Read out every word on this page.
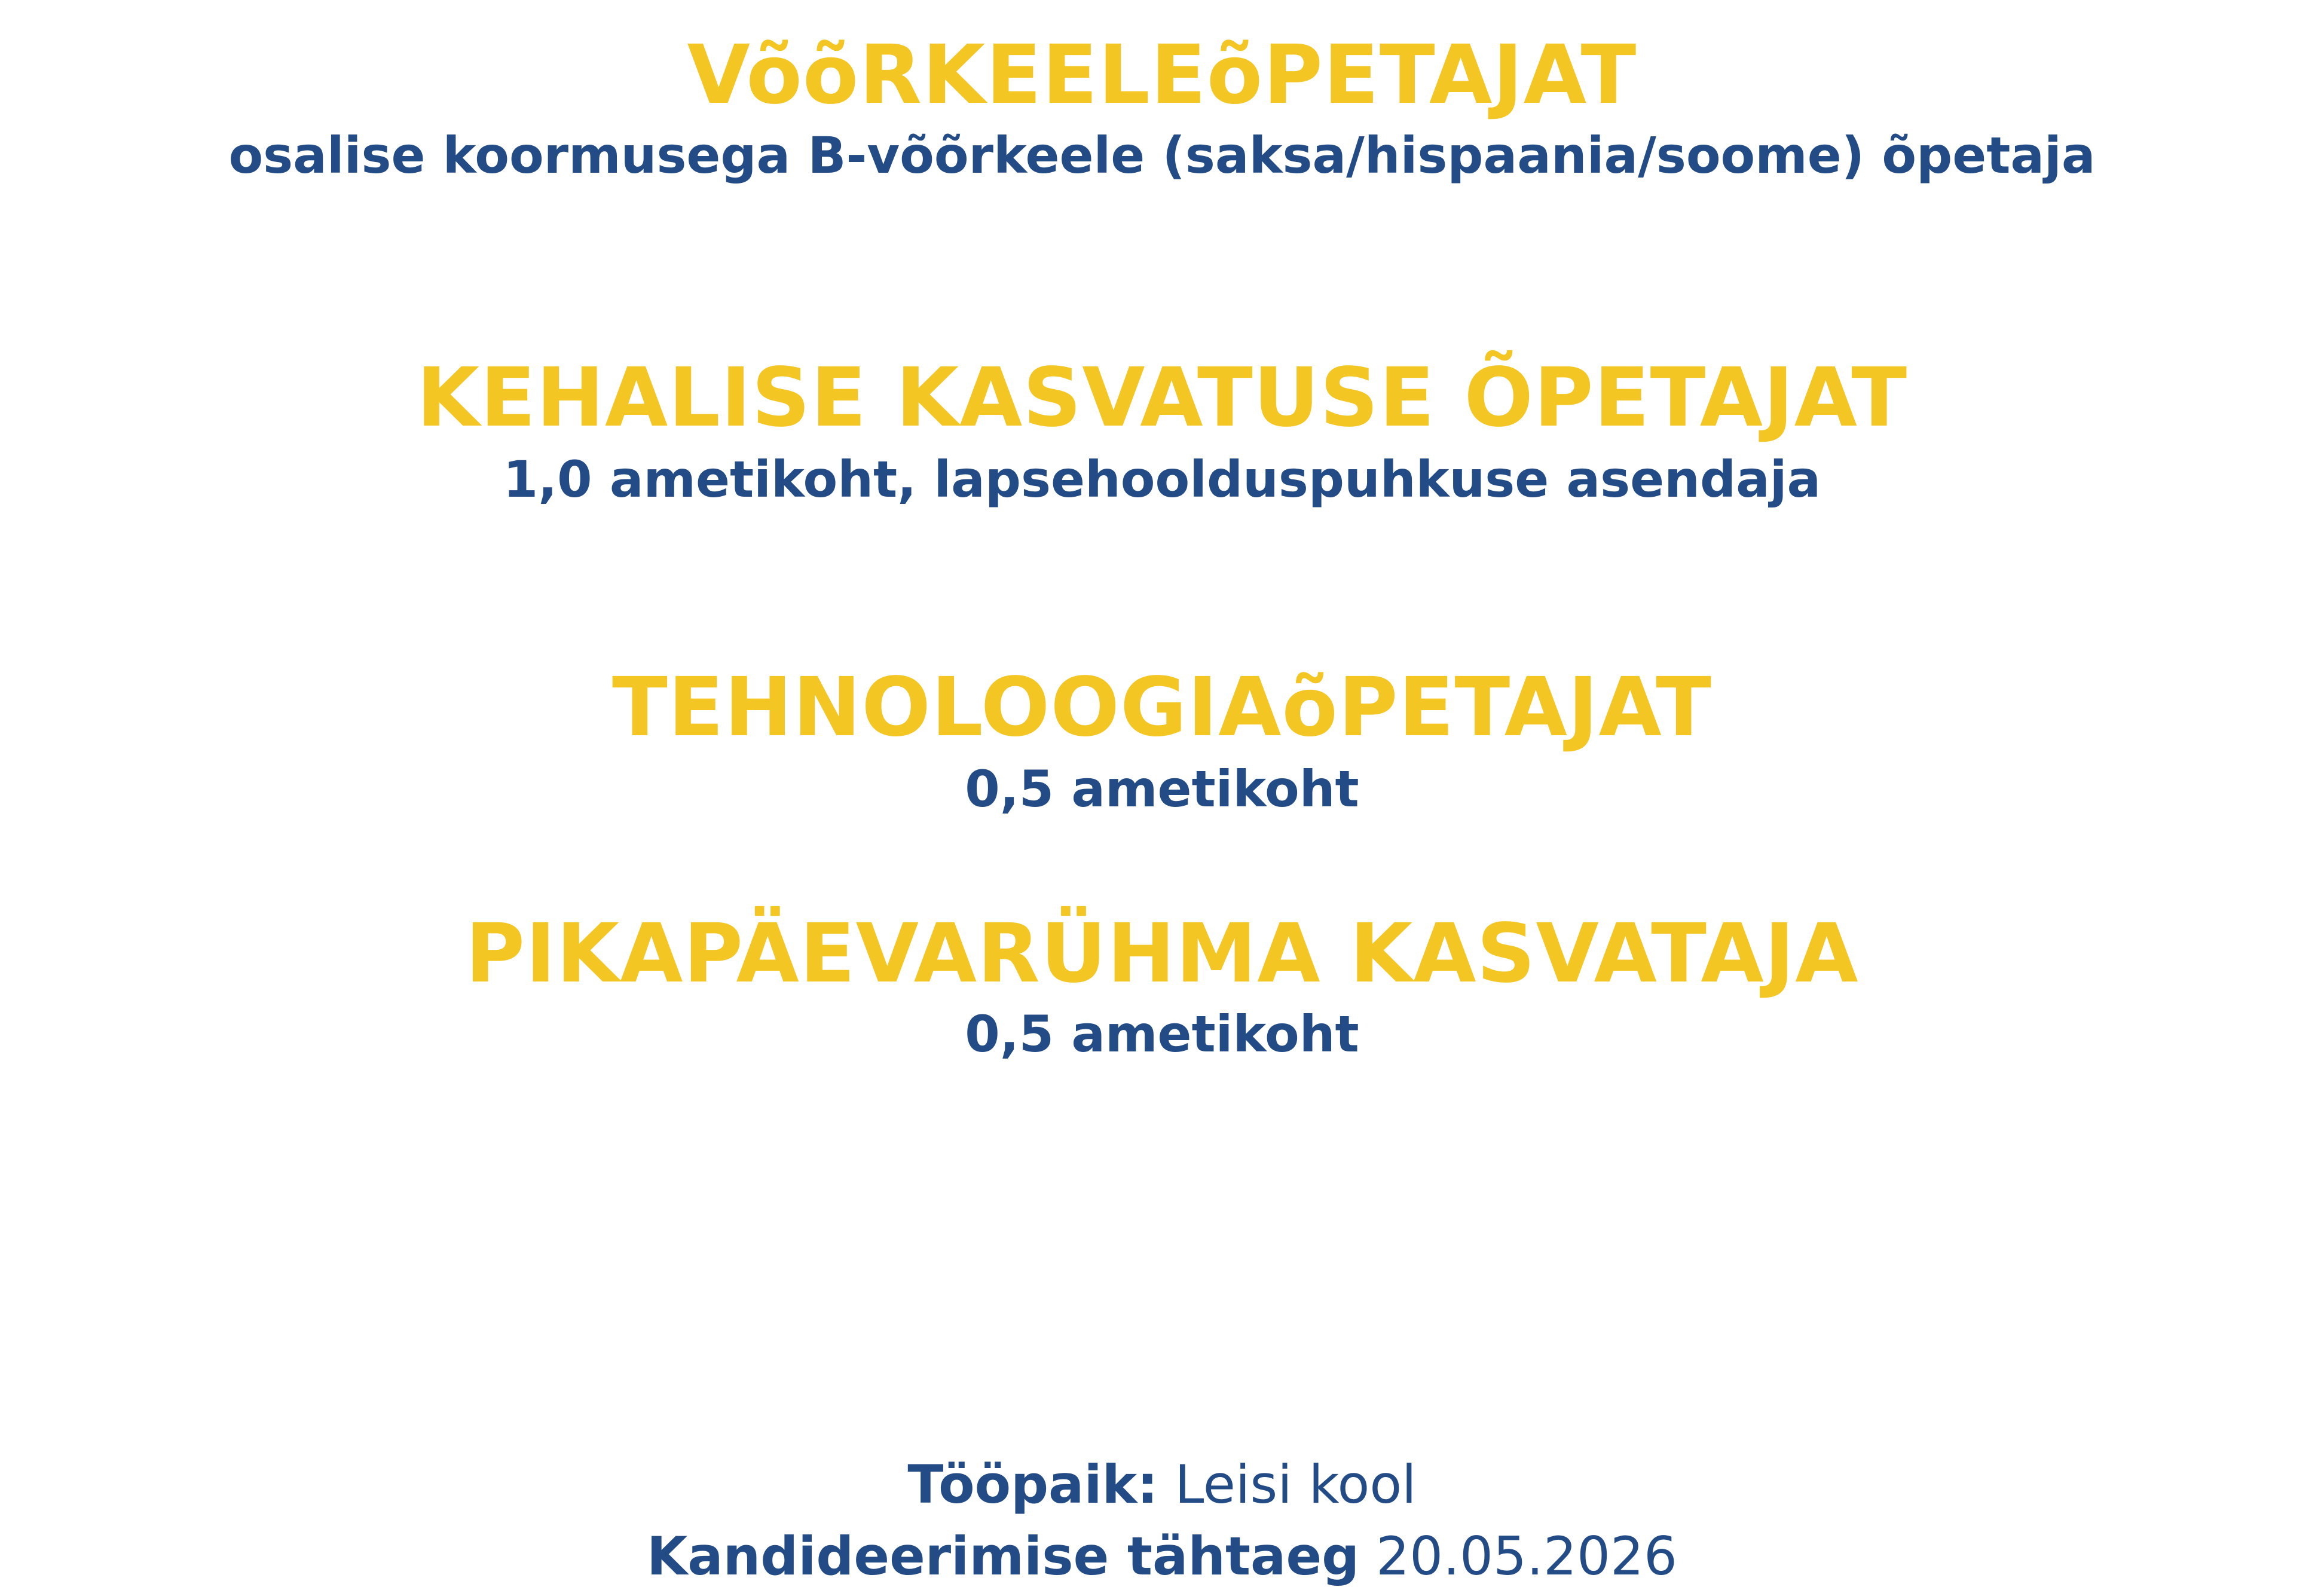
VõõRKEELEõPETAJAT
osalise koormusega B-võõrkeele (saksa/hispaania/soome) õpetaja
KEHALISE KASVATUSE ÕPETAJAT
1,0 ametikoht, lapsehoolduspuhkuse asendaja
TEHNOLOOGIAõPETAJAT
0,5 ametikoht
PIKAPÄEVARÜHMA KASVATAJA
0,5 ametikoht
Tööpaik: Leisi kool
Kandideerimise tähtaeg 20.05.2026
